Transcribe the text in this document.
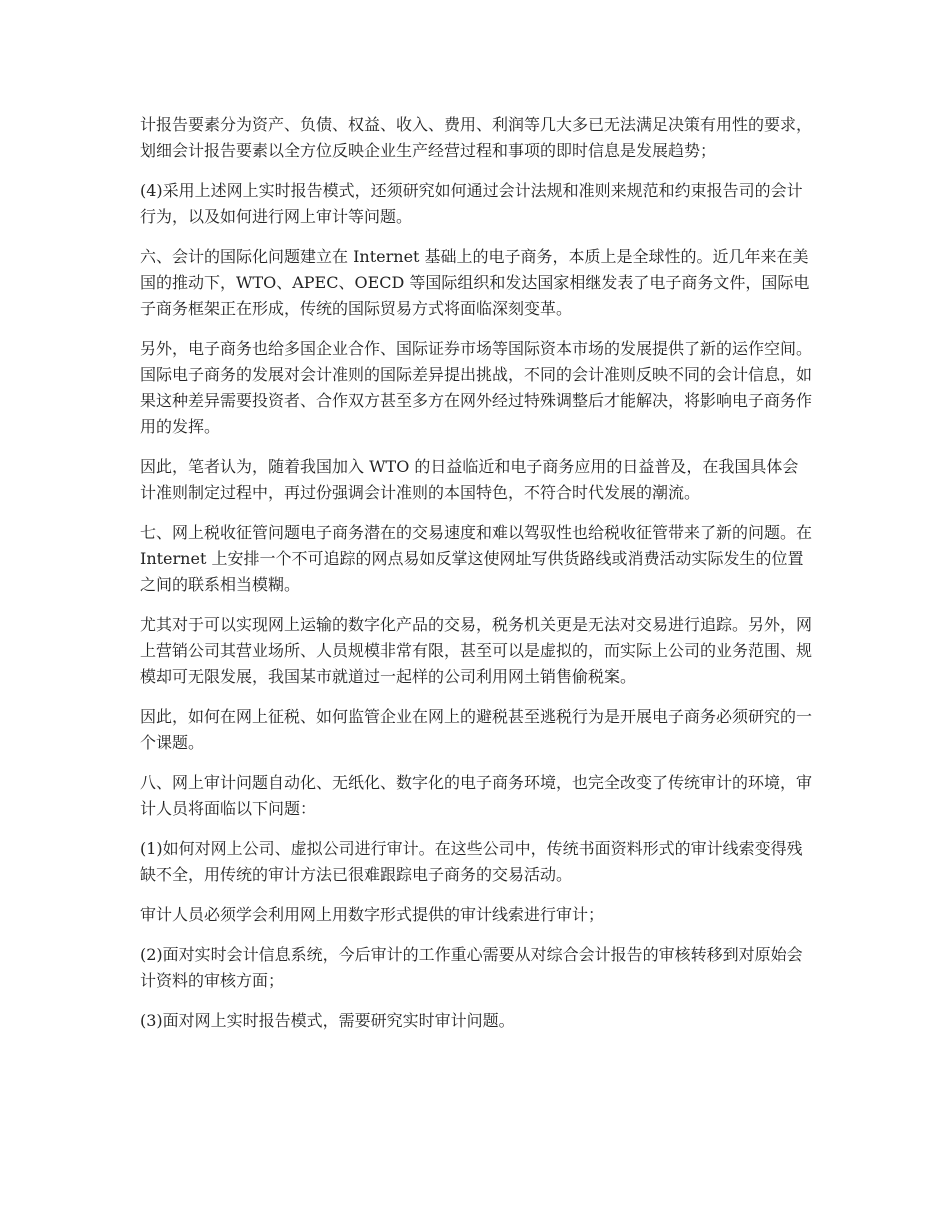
计报告要素分为资产、负债、权益、收入、费用、利润等几大多已无法满足决策有用性的要求，划细会计报告要素以全方位反映企业生产经营过程和事项的即时信息是发展趋势；

(4)采用上述网上实时报告模式，还须研究如何通过会计法规和准则来规范和约束报告司的会计行为，以及如何进行网上审计等问题。

六、会计的国际化问题建立在 Internet 基础上的电子商务，本质上是全球性的。近几年来在美国的推动下，WTO、APEC、OECD 等国际组织和发达国家相继发表了电子商务文件，国际电子商务框架正在形成，传统的国际贸易方式将面临深刻变革。

另外，电子商务也给多国企业合作、国际证券市场等国际资本市场的发展提供了新的运作空间。国际电子商务的发展对会计准则的国际差异提出挑战，不同的会计准则反映不同的会计信息，如果这种差异需要投资者、合作双方甚至多方在网外经过特殊调整后才能解决，将影响电子商务作用的发挥。

因此，笔者认为，随着我国加入 WTO 的日益临近和电子商务应用的日益普及，在我国具体会计准则制定过程中，再过份强调会计准则的本国特色，不符合时代发展的潮流。

七、网上税收征管问题电子商务潜在的交易速度和难以驾驭性也给税收征管带来了新的问题。在 Internet 上安排一个不可追踪的网点易如反掌这使网址写供货路线或消费活动实际发生的位置之间的联系相当模糊。

尤其对于可以实现网上运输的数字化产品的交易，税务机关更是无法对交易进行追踪。另外，网上营销公司其营业场所、人员规模非常有限，甚至可以是虚拟的，而实际上公司的业务范围、规模却可无限发展，我国某市就道过一起样的公司利用网土销售偷税案。

因此，如何在网上征税、如何监管企业在网上的避税甚至逃税行为是开展电子商务必须研究的一个课题。

八、网上审计问题自动化、无纸化、数字化的电子商务环境，也完全改变了传统审计的环境，审计人员将面临以下问题：

(1)如何对网上公司、虚拟公司进行审计。在这些公司中，传统书面资料形式的审计线索变得残缺不全，用传统的审计方法已很难跟踪电子商务的交易活动。

审计人员必须学会利用网上用数字形式提供的审计线索进行审计；

(2)面对实时会计信息系统，今后审计的工作重心需要从对综合会计报告的审核转移到对原始会计资料的审核方面；

(3)面对网上实时报告模式，需要研究实时审计问题。
